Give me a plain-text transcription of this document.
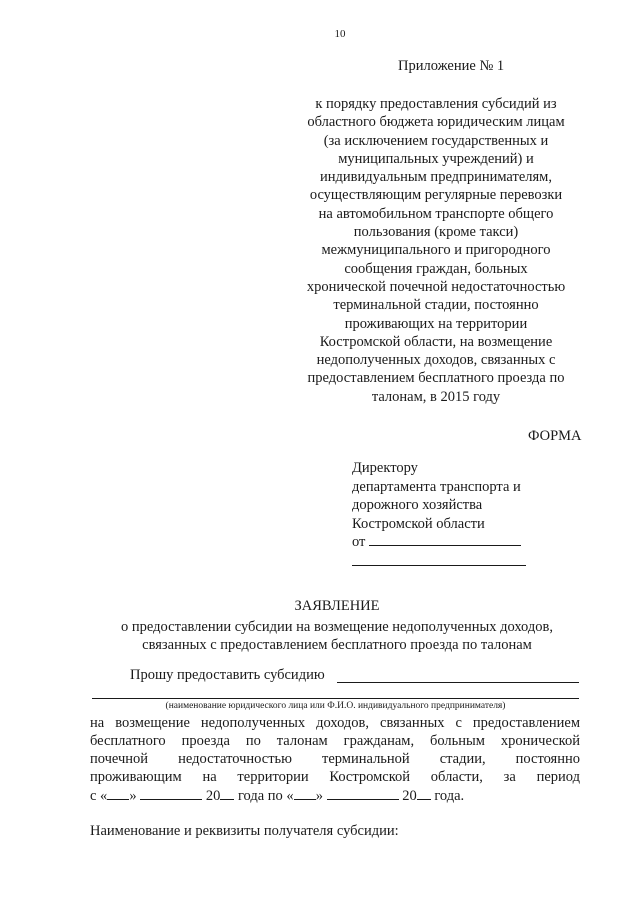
10
Приложение № 1
к порядку предоставления субсидий из
областного бюджета юридическим лицам
(за исключением государственных и
муниципальных учреждений) и
индивидуальным предпринимателям,
осуществляющим регулярные перевозки
на автомобильном транспорте общего
пользования (кроме такси)
межмуниципального и пригородного
сообщения граждан, больных
хронической почечной недостаточностью
терминальной стадии, постоянно
проживающих на территории
Костромской области, на возмещение
недополученных доходов, связанных с
предоставлением бесплатного проезда по
талонам, в 2015 году
ФОРМА
Директору
департамента транспорта и
дорожного хозяйства
Костромской области
от
ЗАЯВЛЕНИЕ
о предоставлении субсидии на возмещение недополученных доходов, связанных с предоставлением бесплатного проезда по талонам
Прошу предоставить субсидию
(наименование юридического лица или Ф.И.О. индивидуального предпринимателя)
на возмещение недополученных доходов, связанных с предоставлением
бесплатного проезда по талонам гражданам, больным хронической
почечной недостаточностью терминальной стадии, постоянно
проживающим на территории Костромской области, за период
с « »	20 года по « »	20 года.
Наименование и реквизиты получателя субсидии:
